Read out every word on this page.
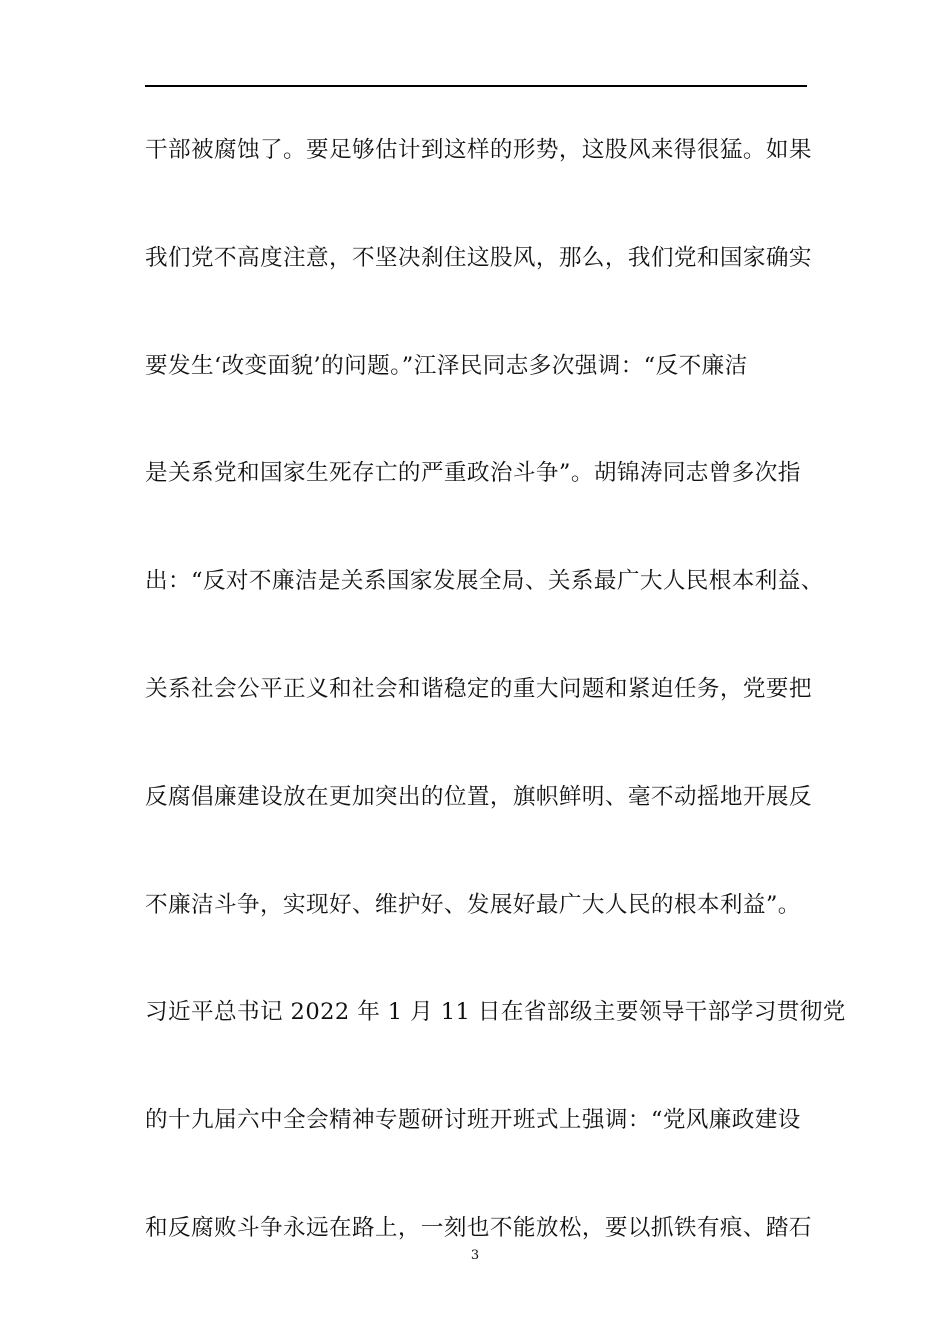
干部被腐蚀了。要足够估计到这样的形势，这股风来得很猛。如果
我们党不高度注意，不坚决刹住这股风，那么，我们党和国家确实
要发生‘改变面貌’的问题。”江泽民同志多次强调：“反不廉洁
是关系党和国家生死存亡的严重政治斗争”。胡锦涛同志曾多次指
出：“反对不廉洁是关系国家发展全局、关系最广大人民根本利益、
关系社会公平正义和社会和谐稳定的重大问题和紧迫任务，党要把
反腐倡廉建设放在更加突出的位置，旗帜鲜明、毫不动摇地开展反
不廉洁斗争，实现好、维护好、发展好最广大人民的根本利益”。
习近平总书记 2022 年 1 月 11 日在省部级主要领导干部学习贯彻党
的十九届六中全会精神专题研讨班开班式上强调：“党风廉政建设
和反腐败斗争永远在路上，一刻也不能放松，要以抓铁有痕、踏石
3
